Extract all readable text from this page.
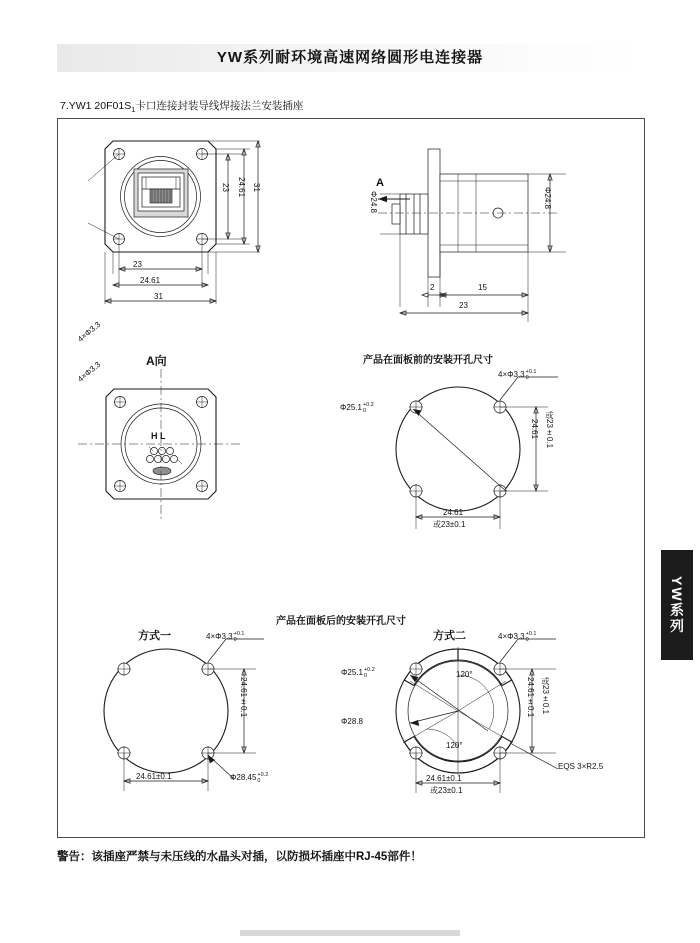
YW系列耐环境高速网络圆形电连接器
7.YW1 $20F01S_1$卡口连接封装导线焊接法兰安装插座
4×Φ3.3
4×Φ3.3
23
24.61
31
23 24.61 31	A
Φ24.8	Φ24.8
2	15
23
A向
H L
产品在面板前的安装开孔尺寸
产品在面板后的安装开孔尺寸
4×Φ3.3 +0.1
0
Φ25.1 +0.2
0
24.61 或23±0.1
24.61
或23±0.1
方式一	4×Φ3.3 +0.1
0
24.61±0.1
24.61±0.1	Φ28.45 +0.2
0
方式二	4×Φ3.3 +0.1
0
Φ25.1 +0.2
0
Φ28.8
120°
120°
24.61±0.1 或23±0.1
24.61±0.1
或23±0.1
EQS 3×R2.5
YW系列
警告：该插座严禁与未压线的水晶头对插，以防损坏插座中RJ-45部件！
